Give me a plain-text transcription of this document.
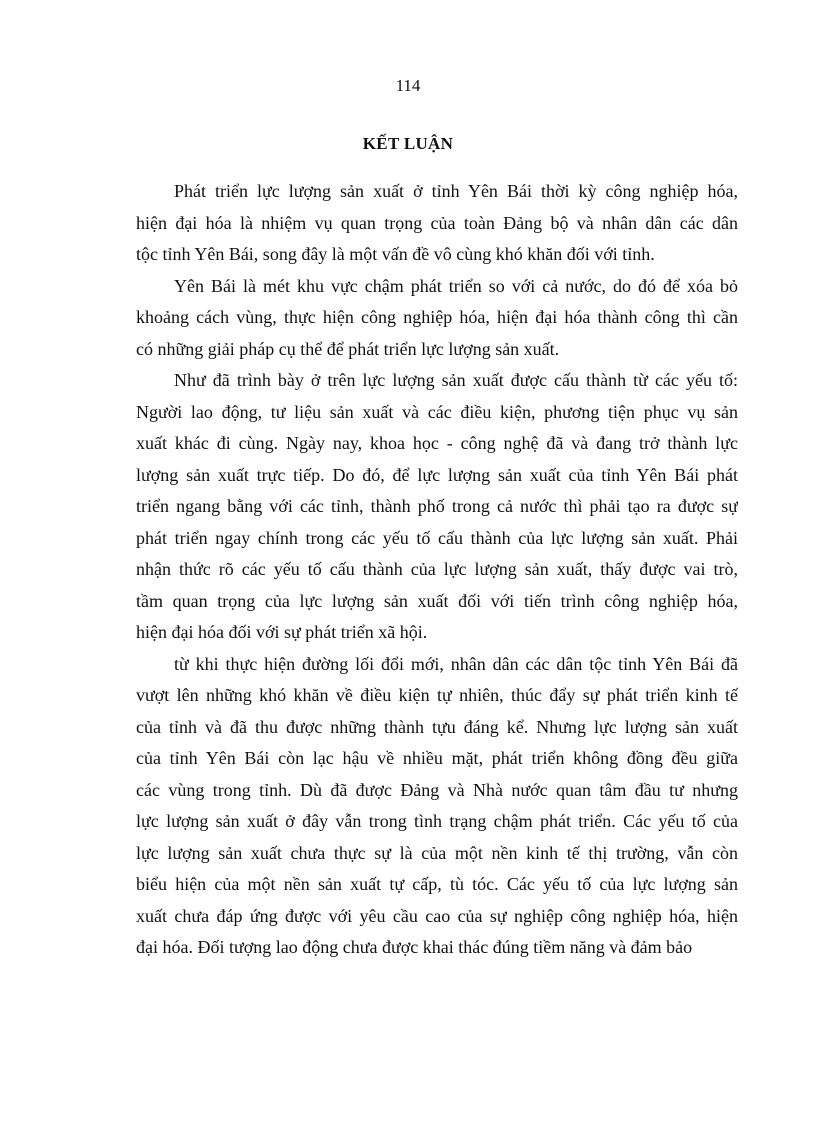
114
KẾT LUẬN

Phát triển lực lượng sản xuất ở tỉnh Yên Bái thời kỳ công nghiệp hóa,
hiện đại hóa là nhiệm vụ quan trọng của toàn Đảng bộ và nhân dân các dân
tộc tỉnh Yên Bái, song đây là một vấn đề vô cùng khó khăn đối với tỉnh.

Yên Bái là mét khu vực chậm phát triển so với cả nước, do đó để xóa bỏ
khoảng cách vùng, thực hiện công nghiệp hóa, hiện đại hóa thành công thì cần
có những giải pháp cụ thể để phát triển lực lượng sản xuất.

Như đã trình bày ở trên lực lượng sản xuất được cấu thành từ các yếu tố:
Người lao động, tư liệu sản xuất và các điều kiện, phương tiện phục vụ sản
xuất khác đi cùng. Ngày nay, khoa học - công nghệ đã và đang trở thành lực
lượng sản xuất trực tiếp. Do đó, để lực lượng sản xuất của tỉnh Yên Bái phát
triển ngang bằng với các tỉnh, thành phố trong cả nước thì phải tạo ra được sự
phát triển ngay chính trong các yếu tố cấu thành của lực lượng sản xuất. Phải
nhận thức rõ các yếu tố cấu thành của lực lượng sản xuất, thấy được vai trò,
tầm quan trọng của lực lượng sản xuất đối với tiến trình công nghiệp hóa,
hiện đại hóa đối với sự phát triển xã hội.

từ khi thực hiện đường lối đổi mới, nhân dân các dân tộc tỉnh Yên Bái đã
vượt lên những khó khăn về điều kiện tự nhiên, thúc đẩy sự phát triển kinh tế
của tỉnh và đã thu được những thành tựu đáng kể. Nhưng lực lượng sản xuất
của tỉnh Yên Bái còn lạc hậu về nhiều mặt, phát triển không đồng đều giữa
các vùng trong tỉnh. Dù đã được Đảng và Nhà nước quan tâm đầu tư nhưng
lực lượng sản xuất ở đây vẫn trong tình trạng chậm phát triển. Các yếu tố của
lực lượng sản xuất chưa thực sự là của một nền kinh tế thị trường, vẫn còn
biểu hiện của một nền sản xuất tự cấp, tù tóc. Các yếu tố của lực lượng sản
xuất chưa đáp ứng được với yêu cầu cao của sự nghiệp công nghiệp hóa, hiện
đại hóa. Đối tượng lao động chưa được khai thác đúng tiềm năng và đảm bảo
